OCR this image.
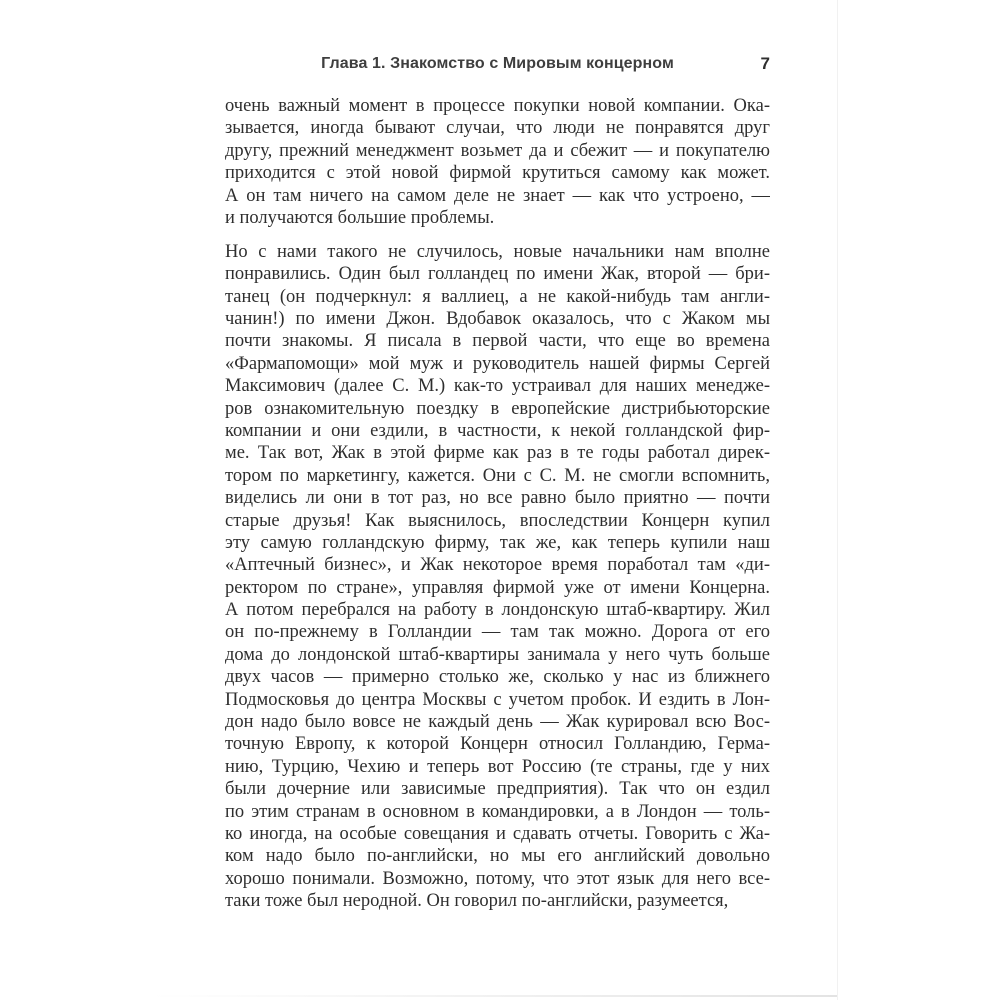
Глава 1. Знакомство с Мировым концерном	7
очень важный момент в процессе покупки новой компании. Ока-
зывается, иногда бывают случаи, что люди не понравятся друг
другу, прежний менеджмент возьмет да и сбежит — и покупателю
приходится с этой новой фирмой крутиться самому как может.
А он там ничего на самом деле не знает — как что устроено, —
и получаются большие проблемы.
Но с нами такого не случилось, новые начальники нам вполне
понравились. Один был голландец по имени Жак, второй — бри-
танец (он подчеркнул: я валлиец, а не какой-нибудь там англи-
чанин!) по имени Джон. Вдобавок оказалось, что с Жаком мы
почти знакомы. Я писала в первой части, что еще во времена
«Фармапомощи» мой муж и руководитель нашей фирмы Сергей
Максимович (далее С. М.) как-то устраивал для наших менедже-
ров ознакомительную поездку в европейские дистрибьюторские
компании и они ездили, в частности, к некой голландской фир-
ме. Так вот, Жак в этой фирме как раз в те годы работал дирек-
тором по маркетингу, кажется. Они с С. М. не смогли вспомнить,
виделись ли они в тот раз, но все равно было приятно — почти
старые друзья! Как выяснилось, впоследствии Концерн купил
эту самую голландскую фирму, так же, как теперь купили наш
«Аптечный бизнес», и Жак некоторое время поработал там «ди-
ректором по стране», управляя фирмой уже от имени Концерна.
А потом перебрался на работу в лондонскую штаб-квартиру. Жил
он по-прежнему в Голландии — там так можно. Дорога от его
дома до лондонской штаб-квартиры занимала у него чуть больше
двух часов — примерно столько же, сколько у нас из ближнего
Подмосковья до центра Москвы с учетом пробок. И ездить в Лон-
дон надо было вовсе не каждый день — Жак курировал всю Вос-
точную Европу, к которой Концерн относил Голландию, Герма-
нию, Турцию, Чехию и теперь вот Россию (те страны, где у них
были дочерние или зависимые предприятия). Так что он ездил
по этим странам в основном в командировки, а в Лондон — толь-
ко иногда, на особые совещания и сдавать отчеты. Говорить с Жа-
ком надо было по-английски, но мы его английский довольно
хорошо понимали. Возможно, потому, что этот язык для него все-
таки тоже был неродной. Он говорил по-английски, разумеется,
